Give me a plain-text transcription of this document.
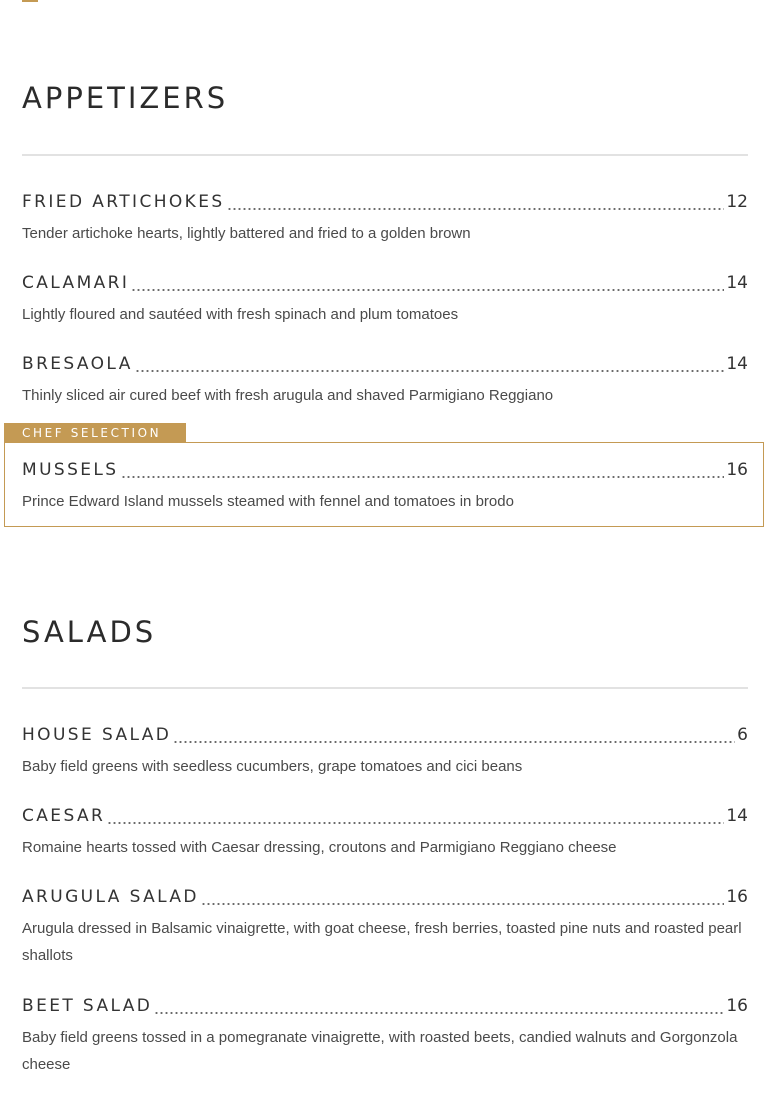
CHEF SELECTION
APPETIZERS
FRIED ARTICHOKES	12

Tender artichoke hearts, lightly battered and fried to a golden brown

CALAMARI	14

Lightly floured and sautéed with fresh spinach and plum tomatoes

BRESAOLA	14

Thinly sliced air cured beef with fresh arugula and shaved Parmigiano Reggiano

MUSSELS	16

Prince Edward Island mussels steamed with fennel and tomatoes in brodo

SALADS
HOUSE SALAD	6

Baby field greens with seedless cucumbers, grape tomatoes and cici beans

CAESAR	14

Romaine hearts tossed with Caesar dressing, croutons and Parmigiano Reggiano cheese

ARUGULA SALAD	16

Arugula dressed in Balsamic vinaigrette, with goat cheese, fresh berries, toasted pine nuts and roasted pearl shallots

BEET SALAD	16

Baby field greens tossed in a pomegranate vinaigrette, with roasted beets, candied walnuts and Gorgonzola cheese
